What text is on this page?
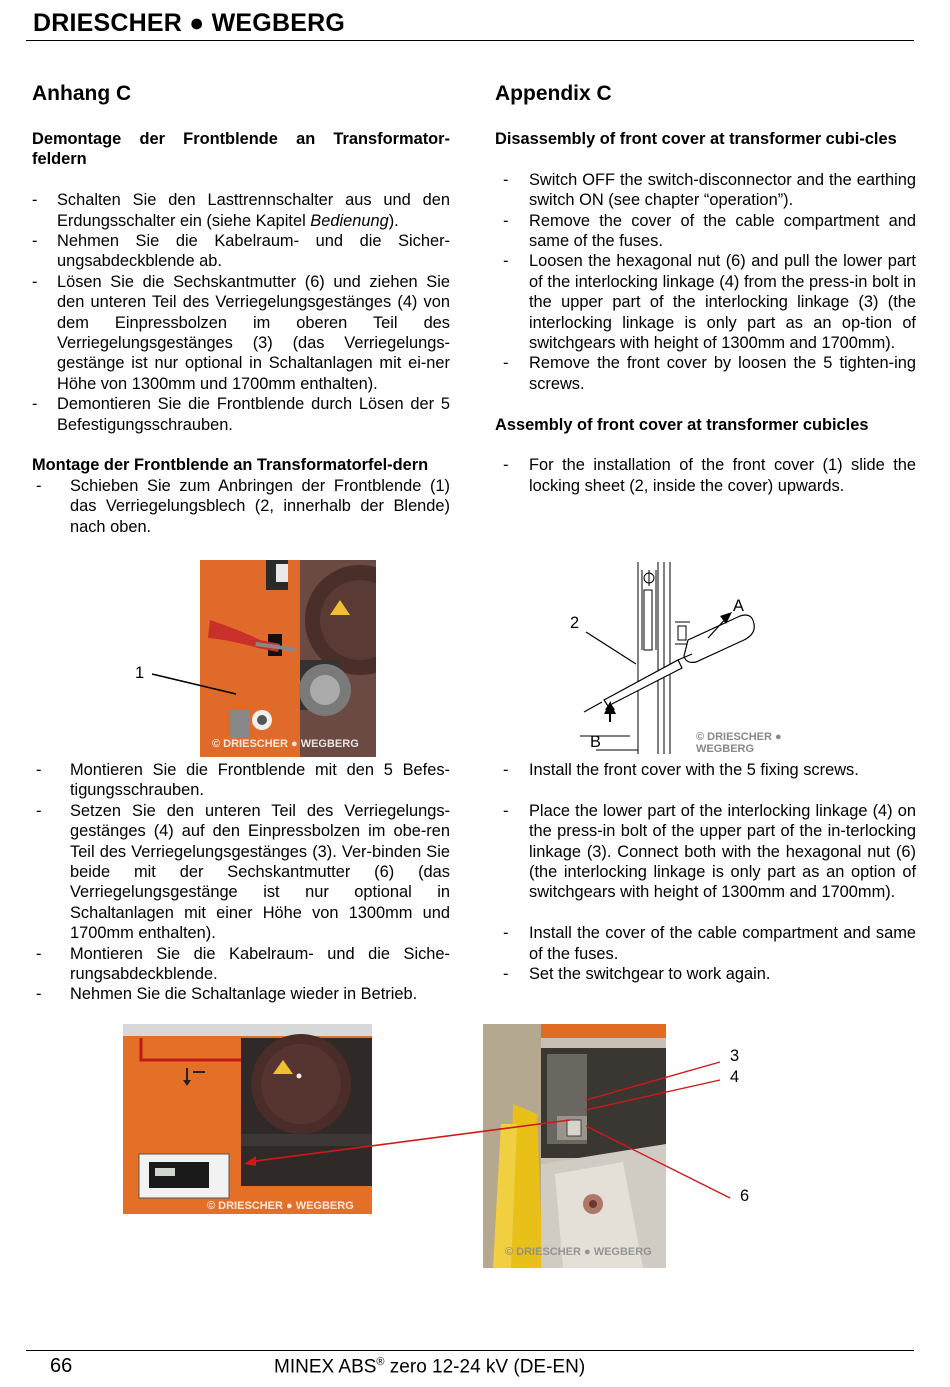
DRIESCHER ● WEGBERG
Anhang C
Demontage der Frontblende an Transformator-feldern
- Schalten Sie den Lasttrennschalter aus und den Erdungsschalter ein (siehe Kapitel Bedienung).
- Nehmen Sie die Kabelraum- und die Sicher-ungsabdeckblende ab.
- Lösen Sie die Sechskantmutter (6) und ziehen Sie den unteren Teil des Verriegelungsgestänges (4) von dem Einpressbolzen im oberen Teil des Verriegelungsgestänges (3) (das Verriegelungs-gestänge ist nur optional in Schaltanlagen mit ei-ner Höhe von 1300mm und 1700mm enthalten).
- Demontieren Sie die Frontblende durch Lösen der 5 Befestigungsschrauben.
Montage der Frontblende an Transformatorfel-dern
- Schieben Sie zum Anbringen der Frontblende (1) das Verriegelungsblech (2, innerhalb der Blende) nach oben.
Appendix C
Disassembly of front cover at transformer cubi-cles
- Switch OFF the switch-disconnector and the earthing switch ON (see chapter “operation”).
- Remove the cover of the cable compartment and same of the fuses.
- Loosen the hexagonal nut (6) and pull the lower part of the interlocking linkage (4) from the press-in bolt in the upper part of the interlocking linkage (3) (the interlocking linkage is only part as an op-tion of switchgears with height of 1300mm and 1700mm).
- Remove the front cover by loosen the 5 tighten-ing screws.
Assembly of front cover at transformer cubicles
- For the installation of the front cover (1) slide the locking sheet (2, inside the cover) upwards.
© DRIESCHER ● WEGBERG
1
© DRIESCHER ● WEGBERG
2
A
B
- Montieren Sie die Frontblende mit den 5 Befes-tigungsschrauben.
- Setzen Sie den unteren Teil des Verriegelungs-gestänges (4) auf den Einpressbolzen im obe-ren Teil des Verriegelungsgestänges (3). Ver-binden Sie beide mit der Sechskantmutter (6) (das Verriegelungsgestänge ist nur optional in Schaltanlagen mit einer Höhe von 1300mm und 1700mm enthalten).
- Montieren Sie die Kabelraum- und die Siche-rungsabdeckblende.
- Nehmen Sie die Schaltanlage wieder in Betrieb.
- Install the front cover with the 5 fixing screws.
- Place the lower part of the interlocking linkage (4) on the press-in bolt of the upper part of the in-terlocking linkage (3). Connect both with the hexagonal nut (6) (the interlocking linkage is only part as an option of switchgears with height of 1300mm and 1700mm).
- Install the cover of the cable compartment and same of the fuses.
- Set the switchgear to work again.
© DRIESCHER ● WEGBERG
© DRIESCHER ● WEGBERG
3
4
6
66	MINEX ABS® zero 12-24 kV (DE-EN)
